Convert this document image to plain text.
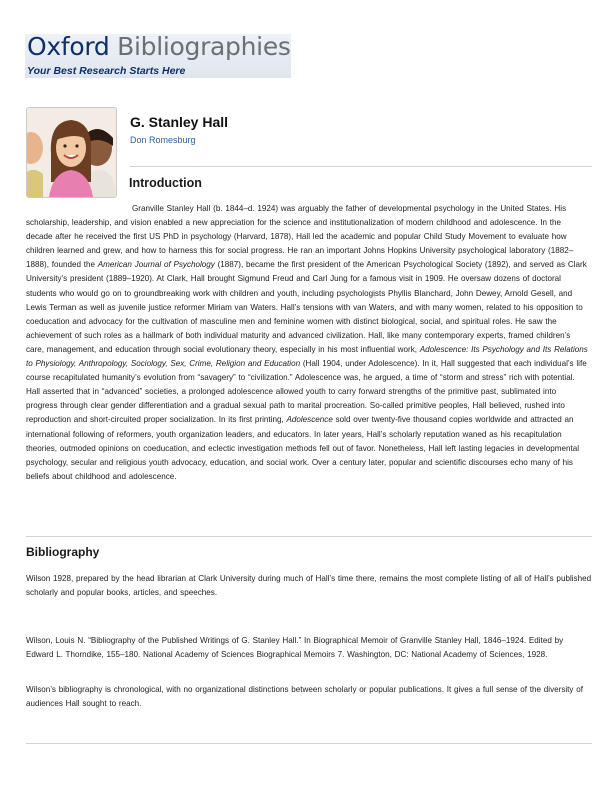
Oxford Bibliographies
Your Best Research Starts Here
G. Stanley Hall
Don Romesburg
Introduction

Granville Stanley Hall (b. 1844–d. 1924) was arguably the father of developmental psychology in the United States. His scholarship, leadership, and vision enabled a new appreciation for the science and institutionalization of modern childhood and adolescence. In the decade after he received the first US PhD in psychology (Harvard, 1878), Hall led the academic and popular Child Study Movement to evaluate how children learned and grew, and how to harness this for social progress. He ran an important Johns Hopkins University psychological laboratory (1882–1888), founded the American Journal of Psychology (1887), became the first president of the American Psychological Society (1892), and served as Clark University’s president (1889–1920). At Clark, Hall brought Sigmund Freud and Carl Jung for a famous visit in 1909. He oversaw dozens of doctoral students who would go on to groundbreaking work with children and youth, including psychologists Phyllis Blanchard, John Dewey, Arnold Gesell, and Lewis Terman as well as juvenile justice reformer Miriam van Waters. Hall’s tensions with van Waters, and with many women, related to his opposition to coeducation and advocacy for the cultivation of masculine men and feminine women with distinct biological, social, and spiritual roles. He saw the achievement of such roles as a hallmark of both individual maturity and advanced civilization. Hall, like many contemporary experts, framed children’s care, management, and education through social evolutionary theory, especially in his most influential work, Adolescence: Its Psychology and Its Relations to Physiology, Anthropology, Sociology, Sex, Crime, Religion and Education (Hall 1904, under Adolescence). In it, Hall suggested that each individual’s life course recapitulated humanity’s evolution from “savagery” to “civilization.” Adolescence was, he argued, a time of “storm and stress” rich with potential. Hall asserted that in “advanced” societies, a prolonged adolescence allowed youth to carry forward strengths of the primitive past, sublimated into progress through clear gender differentiation and a gradual sexual path to marital procreation. So-called primitive peoples, Hall believed, rushed into reproduction and short-circuited proper socialization. In its first printing, Adolescence sold over twenty-five thousand copies worldwide and attracted an international following of reformers, youth organization leaders, and educators. In later years, Hall’s scholarly reputation waned as his recapitulation theories, outmoded opinions on coeducation, and eclectic investigation methods fell out of favor. Nonetheless, Hall left lasting legacies in developmental psychology, secular and religious youth advocacy, education, and social work. Over a century later, popular and scientific discourses echo many of his beliefs about childhood and adolescence.

Bibliography

Wilson 1928, prepared by the head librarian at Clark University during much of Hall’s time there, remains the most complete listing of all of Hall’s published scholarly and popular books, articles, and speeches.

Wilson, Louis N. “Bibliography of the Published Writings of G. Stanley Hall.” In Biographical Memoir of Granville Stanley Hall, 1846–1924. Edited by Edward L. Thorndike, 155–180. National Academy of Sciences Biographical Memoirs 7. Washington, DC: National Academy of Sciences, 1928.

Wilson’s bibliography is chronological, with no organizational distinctions between scholarly or popular publications. It gives a full sense of the diversity of audiences Hall sought to reach.
